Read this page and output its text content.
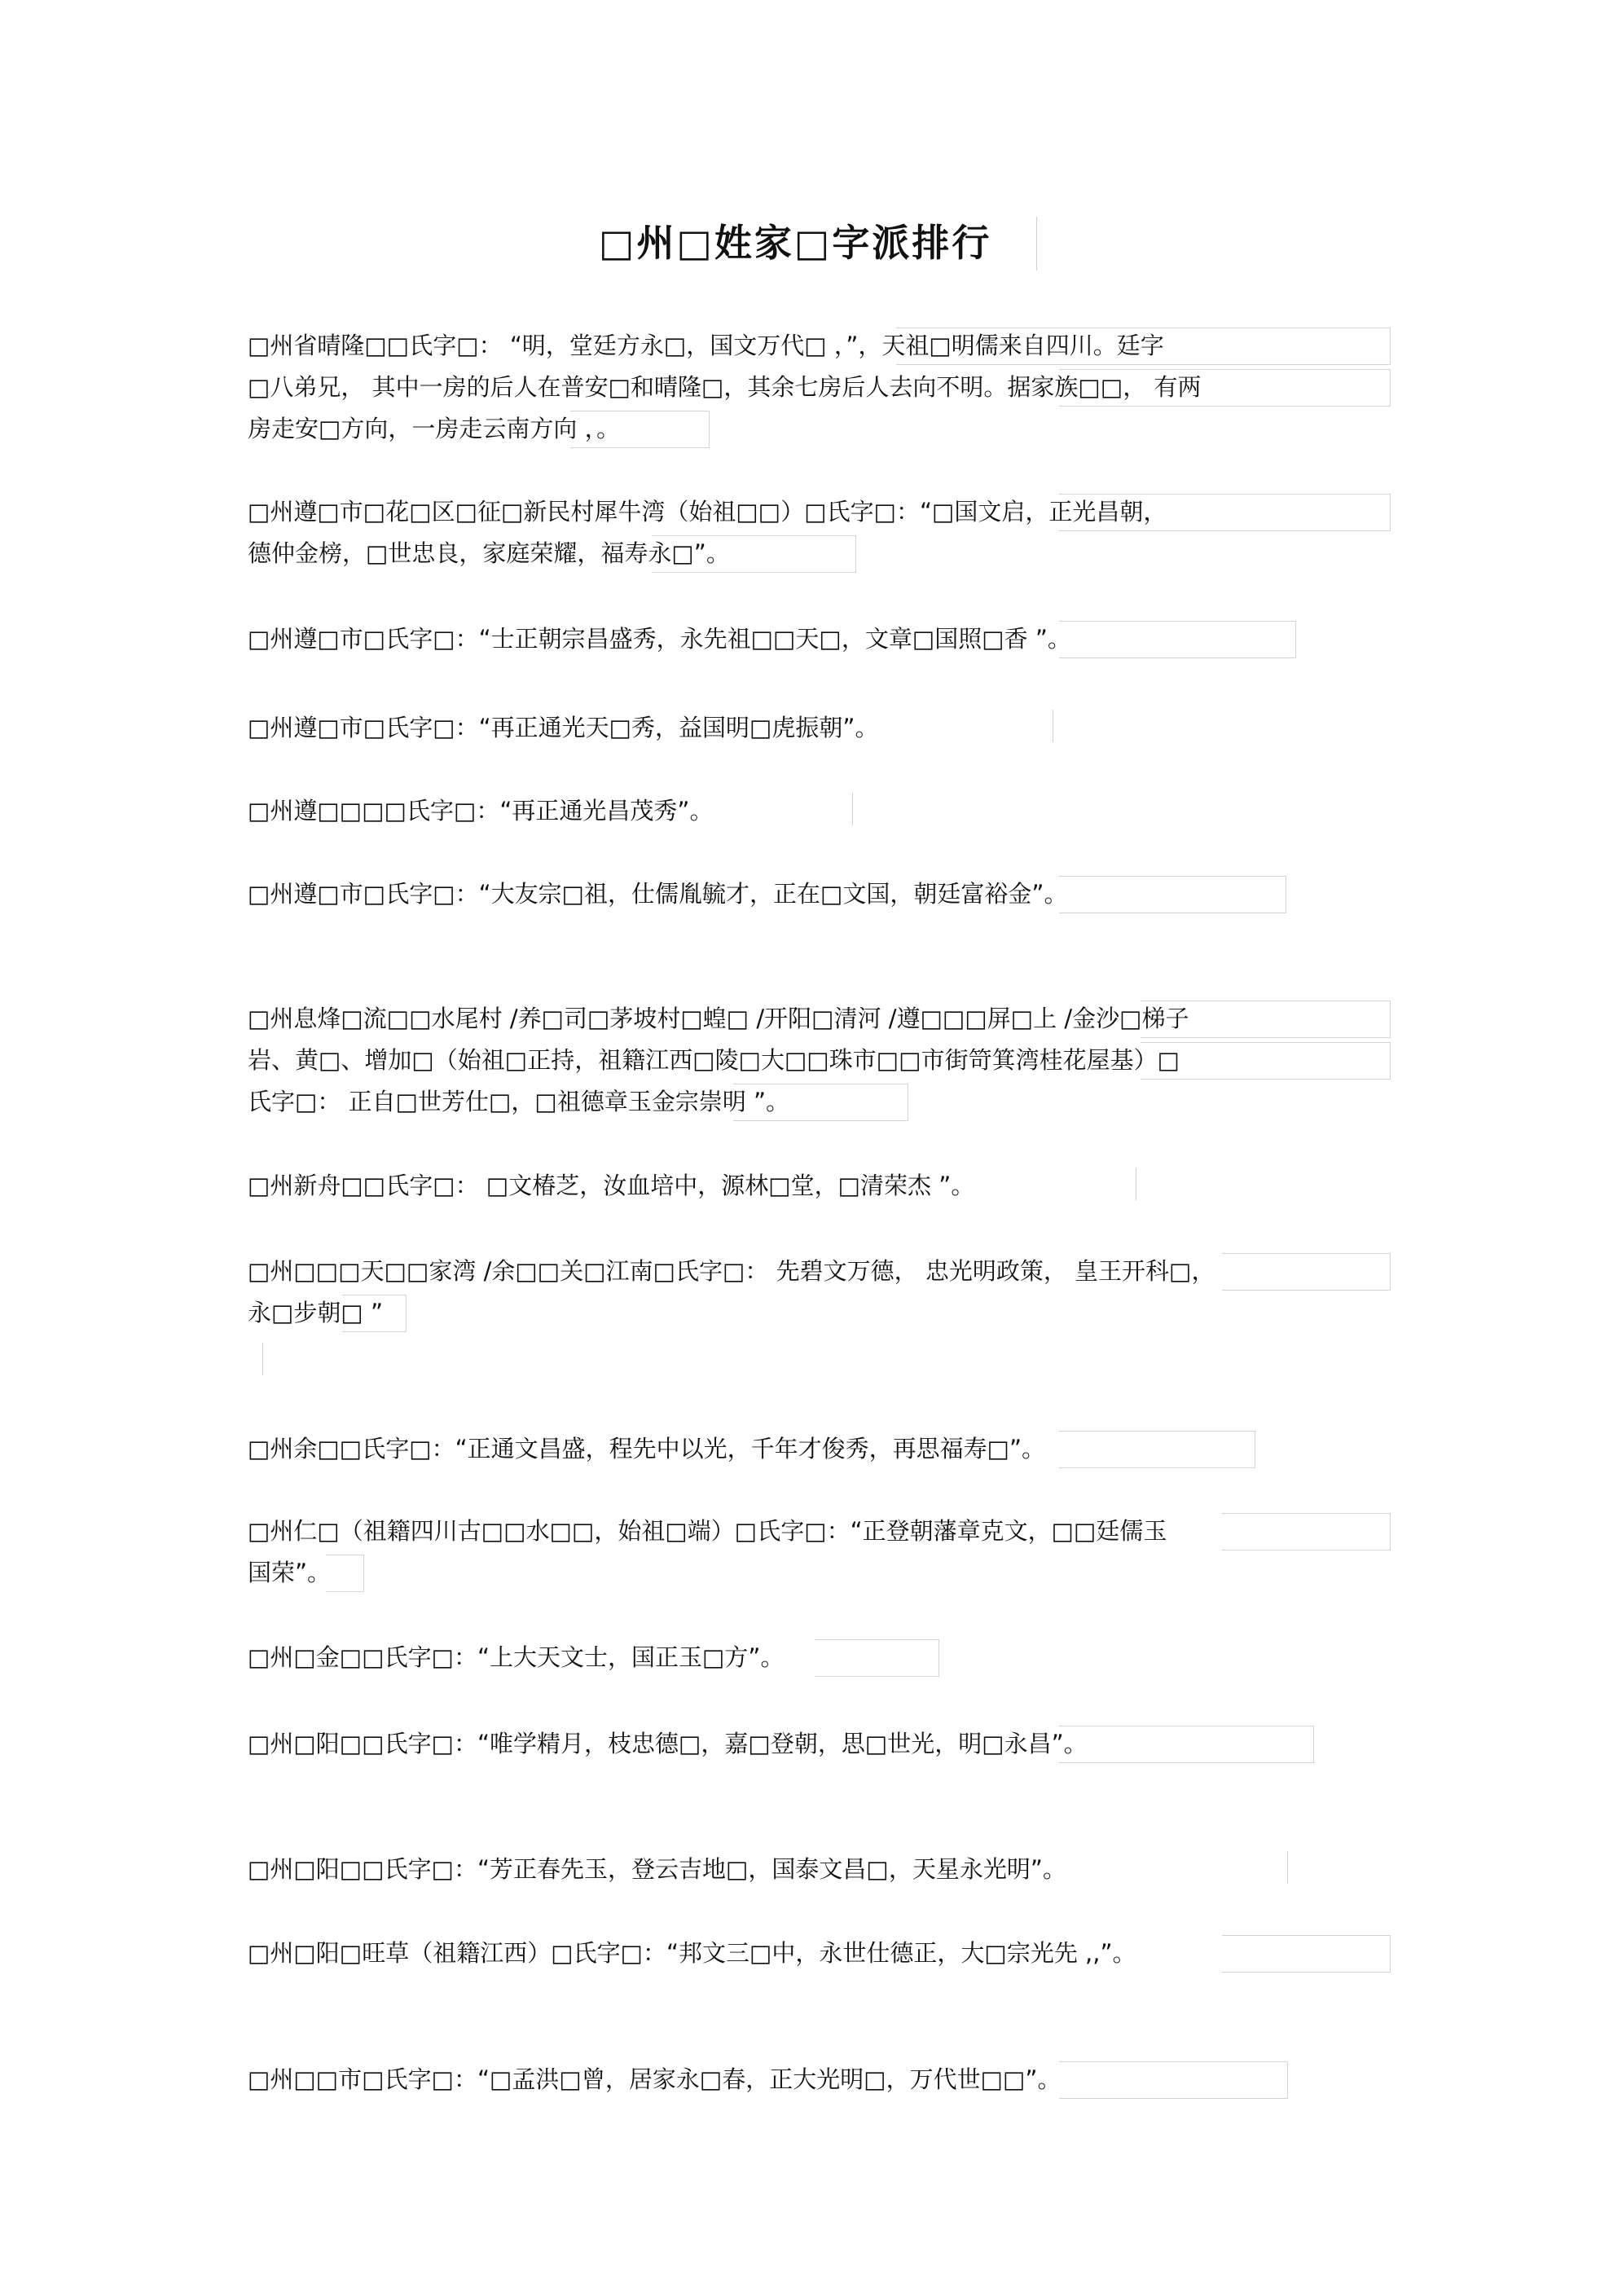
□州□姓家□字派排行
□州省晴隆□□氏字□： “明，堂廷方永□，国文万代□ ，”，天祖□明儒来自四川。廷字
□八弟兄， 其中一房的后人在普安□和晴隆□，其余七房后人去向不明。据家族□□， 有两
房走安□方向，一房走云南方向 ，。
□州遵□市□花□区□征□新民村犀牛湾（始祖□□）□氏字□：“□国文启，正光昌朝，
德仲金榜，□世忠良，家庭荣耀，福寿永□”。
□州遵□市□氏字□：“士正朝宗昌盛秀，永先祖□□天□，文章□国照□香 ”。
□州遵□市□氏字□：“再正通光天□秀，益国明□虎振朝”。
□州遵□□□□氏字□：“再正通光昌茂秀”。
□州遵□市□氏字□：“大友宗□祖，仕儒胤毓才，正在□文国，朝廷富裕金”。
□州息烽□流□□水尾村 /养□司□茅坡村□蝗□ /开阳□清河 /遵□□□屏□上 /金沙□梯子
岩、黄□、增加□（始祖□正持，祖籍江西□陵□大□□珠市□□市街笴箕湾桂花屋基）□
氏字□： 正自□世芳仕□，□祖德章玉金宗崇明 ”。
□州新舟□□氏字□： □文椿芝，汝血培中，源林□堂，□清荣杰 ”。
□州□□□天□□家湾 /余□□关□江南□氏字□： 先碧文万德， 忠光明政策， 皇王开科□，
永□步朝□ ”
□州余□□氏字□：“正通文昌盛，程先中以光，千年才俊秀，再思福寿□”。
□州仁□（祖籍四川古□□水□□，始祖□端）□氏字□：“正登朝藩章克文，□□廷儒玉
国荣”。
□州□金□□氏字□：“上大天文士，国正玉□方”。
□州□阳□□氏字□：“唯学精月，枝忠德□，嘉□登朝，思□世光，明□永昌”。
□州□阳□□氏字□：“芳正春先玉，登云吉地□，国泰文昌□，天星永光明”。
□州□阳□旺草（祖籍江西）□氏字□：“邦文三□中，永世仕德正，大□宗光先 ,,”。
□州□□市□氏字□：“□孟洪□曾，居家永□春，正大光明□，万代世□□”。
